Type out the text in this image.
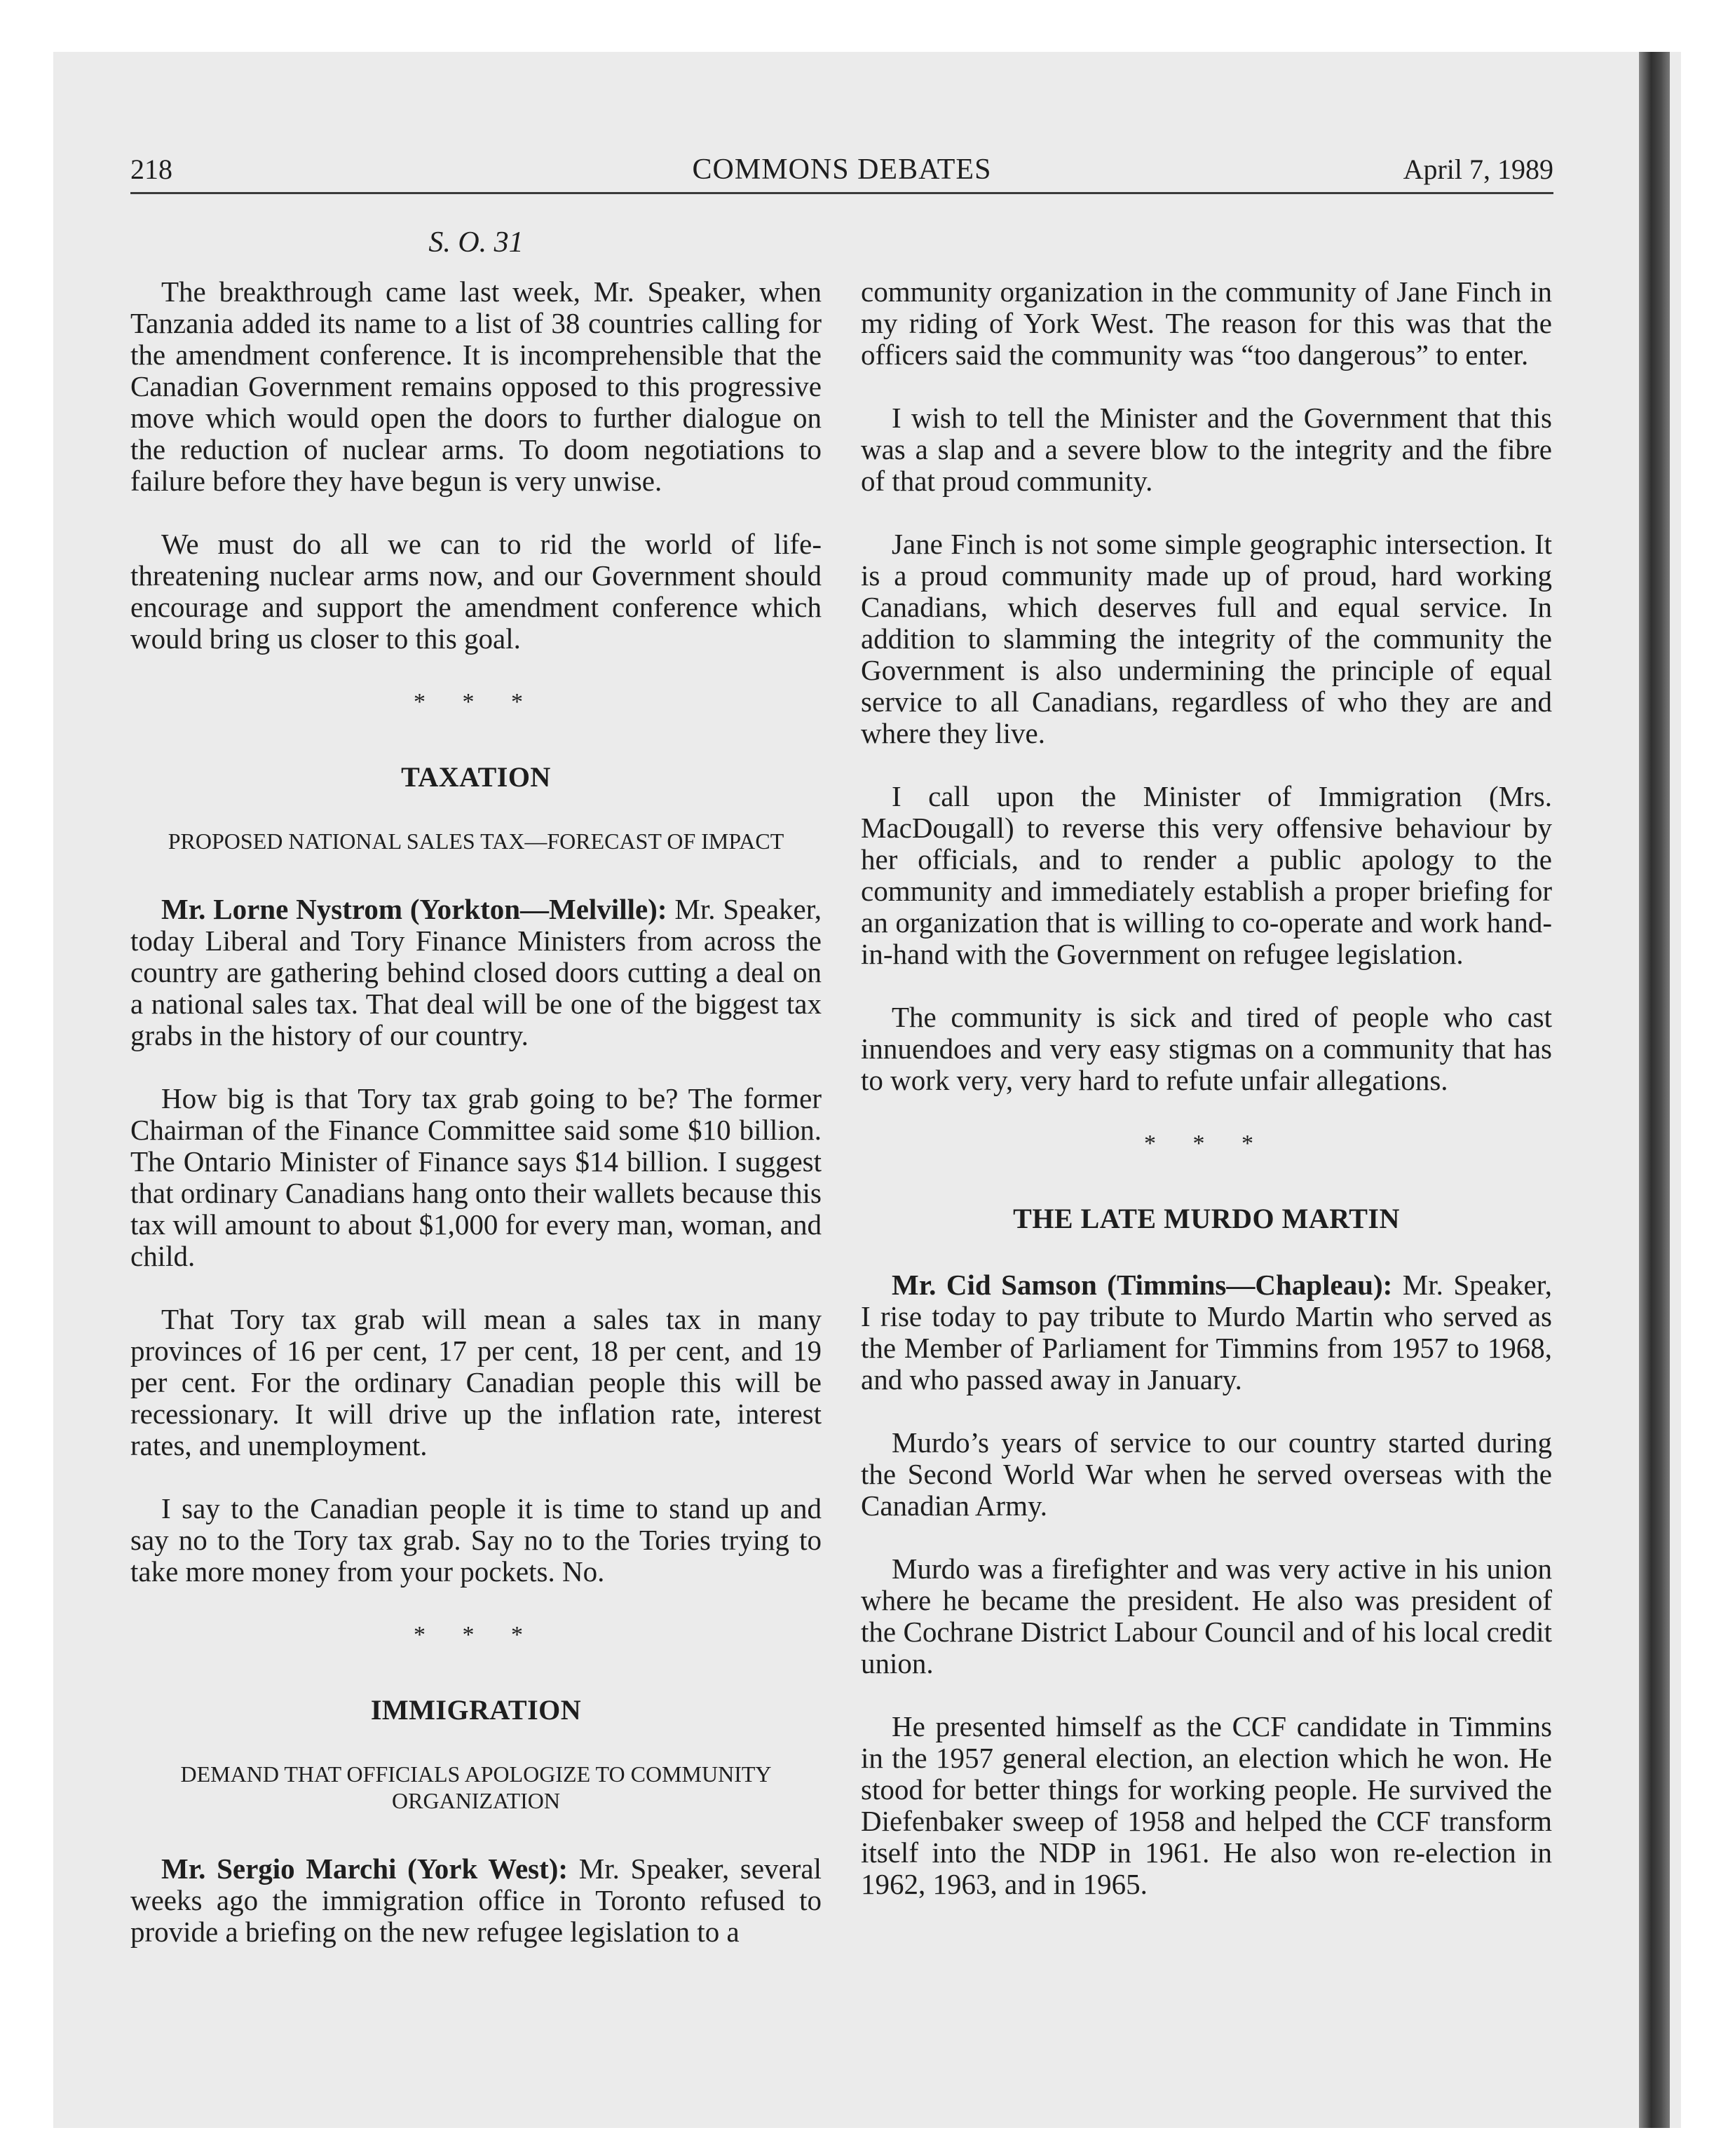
218	COMMONS DEBATES	April 7, 1989
S. O. 31

The breakthrough came last week, Mr. Speaker, when Tanzania added its name to a list of 38 countries calling for the amendment conference. It is incomprehensible that the Canadian Government remains opposed to this progressive move which would open the doors to further dialogue on the reduction of nuclear arms. To doom negotiations to failure before they have begun is very unwise.

We must do all we can to rid the world of life-threatening nuclear arms now, and our Government should encourage and support the amendment conference which would bring us closer to this goal.

* * *
TAXATION
PROPOSED NATIONAL SALES TAX—FORECAST OF IMPACT

Mr. Lorne Nystrom (Yorkton—Melville): Mr. Speaker, today Liberal and Tory Finance Ministers from across the country are gathering behind closed doors cutting a deal on a national sales tax. That deal will be one of the biggest tax grabs in the history of our country.

How big is that Tory tax grab going to be? The former Chairman of the Finance Committee said some $10 billion. The Ontario Minister of Finance says $14 billion. I suggest that ordinary Canadians hang onto their wallets because this tax will amount to about $1,000 for every man, woman, and child.

That Tory tax grab will mean a sales tax in many provinces of 16 per cent, 17 per cent, 18 per cent, and 19 per cent. For the ordinary Canadian people this will be recessionary. It will drive up the inflation rate, interest rates, and unemployment.

I say to the Canadian people it is time to stand up and say no to the Tory tax grab. Say no to the Tories trying to take more money from your pockets. No.

* * *
IMMIGRATION
DEMAND THAT OFFICIALS APOLOGIZE TO COMMUNITY ORGANIZATION

Mr. Sergio Marchi (York West): Mr. Speaker, several weeks ago the immigration office in Toronto refused to provide a briefing on the new refugee legislation to a

community organization in the community of Jane Finch in my riding of York West. The reason for this was that the officers said the community was “too dangerous” to enter.

I wish to tell the Minister and the Government that this was a slap and a severe blow to the integrity and the fibre of that proud community.

Jane Finch is not some simple geographic intersection. It is a proud community made up of proud, hard working Canadians, which deserves full and equal service. In addition to slamming the integrity of the community the Government is also undermining the principle of equal service to all Canadians, regardless of who they are and where they live.

I call upon the Minister of Immigration (Mrs. MacDougall) to reverse this very offensive behaviour by her officials, and to render a public apology to the community and immediately establish a proper briefing for an organization that is willing to co-operate and work hand-in-hand with the Government on refugee legislation.

The community is sick and tired of people who cast innuendoes and very easy stigmas on a community that has to work very, very hard to refute unfair allegations.

* * *
THE LATE MURDO MARTIN

Mr. Cid Samson (Timmins—Chapleau): Mr. Speaker, I rise today to pay tribute to Murdo Martin who served as the Member of Parliament for Timmins from 1957 to 1968, and who passed away in January.

Murdo’s years of service to our country started during the Second World War when he served overseas with the Canadian Army.

Murdo was a firefighter and was very active in his union where he became the president. He also was president of the Cochrane District Labour Council and of his local credit union.

He presented himself as the CCF candidate in Timmins in the 1957 general election, an election which he won. He stood for better things for working people. He survived the Diefenbaker sweep of 1958 and helped the CCF transform itself into the NDP in 1961. He also won re-election in 1962, 1963, and in 1965.
